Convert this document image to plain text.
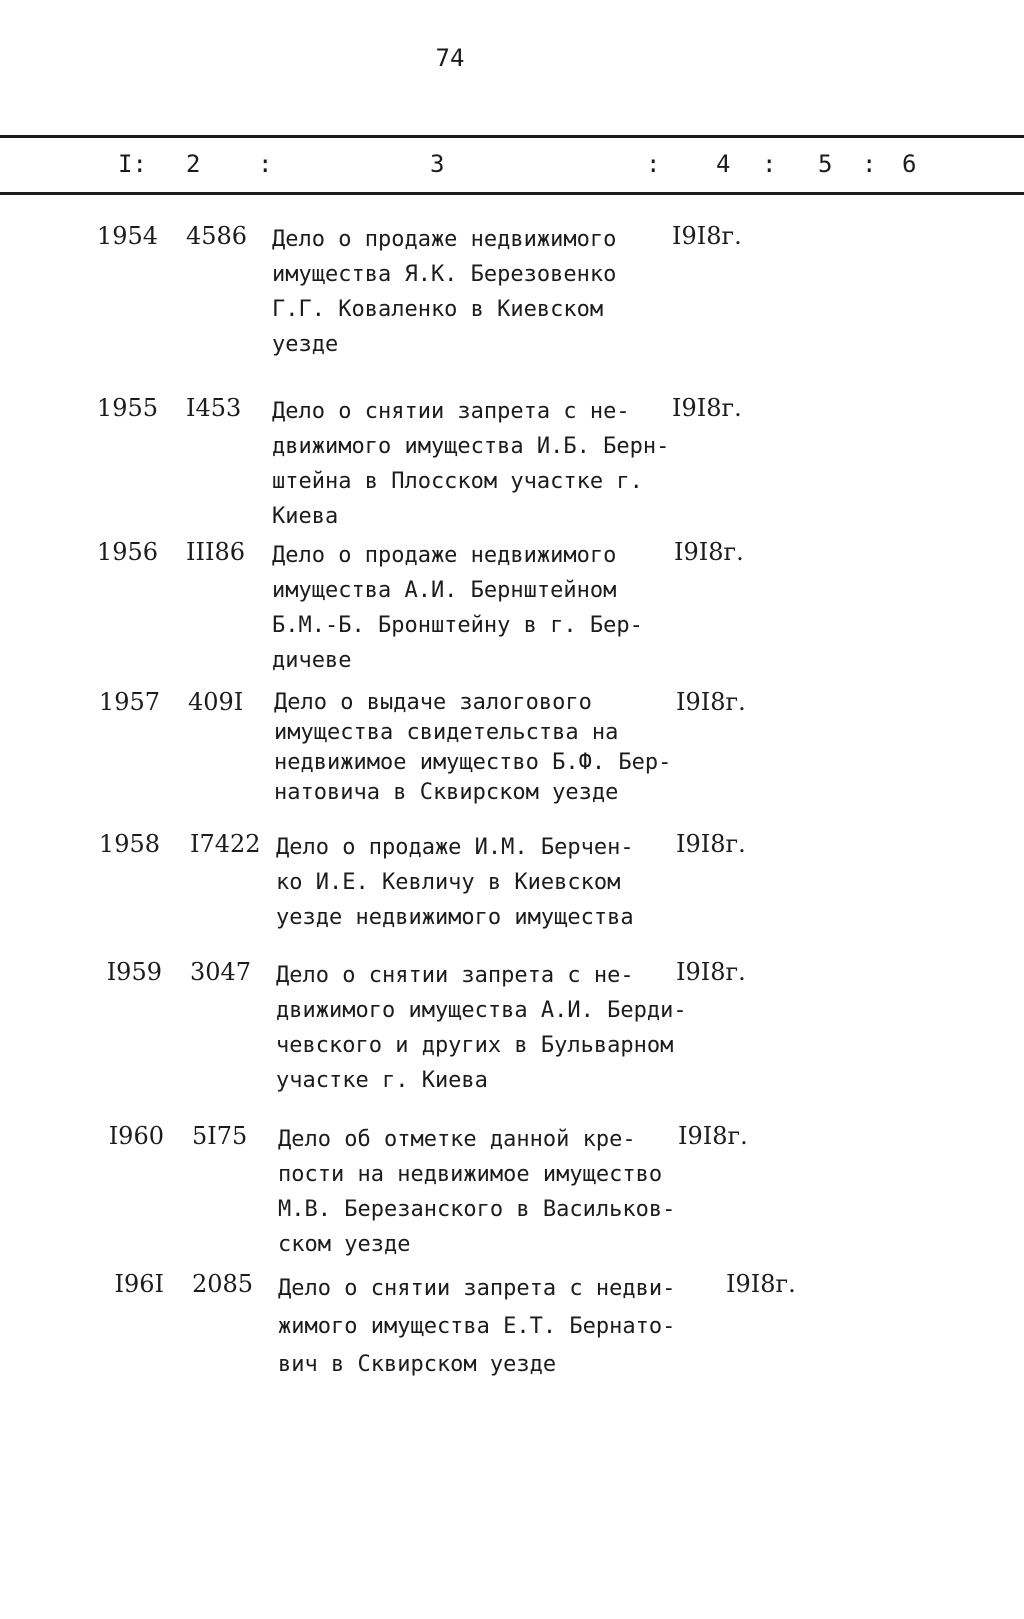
74
I: 2 :	3	: 4 : 5 : 6
1954 4586	Дело о продаже недвижимого
имущества Я.К. Березовенко
Г.Г. Коваленко в Киевском
уезде
I9I8г.
1955 I453	Дело о снятии запрета с не-
движимого имущества И.Б. Берн-
штейна в Плосском участке г.
Киева
I9I8г.
1956 III86	Дело о продаже недвижимого
имущества А.И. Бернштейном
Б.М.-Б. Бронштейну в г. Бер-
дичеве
I9I8г.
1957 409I	Дело о выдаче залогового
имущества свидетельства на
недвижимое имущество Б.Ф. Бер-
натовича в Сквирском уезде
I9I8г.
1958 I7422 Дело о продаже И.М. Берчен-
ко И.Е. Кевличу в Киевском
уезде недвижимого имущества
I9I8г.
I959 3047	Дело о снятии запрета с не-
движимого имущества А.И. Берди-
чевского и других в Бульварном
участке г. Киева
I9I8г.
I960 5I75	Дело об отметке данной кре-
пости на недвижимое имущество
М.В. Березанского в Васильков-
ском уезде
I9I8г.
I96I 2085	Дело о снятии запрета с недви-
жимого имущества Е.Т. Бернато-
вич в Сквирском уезде
I9I8г.
